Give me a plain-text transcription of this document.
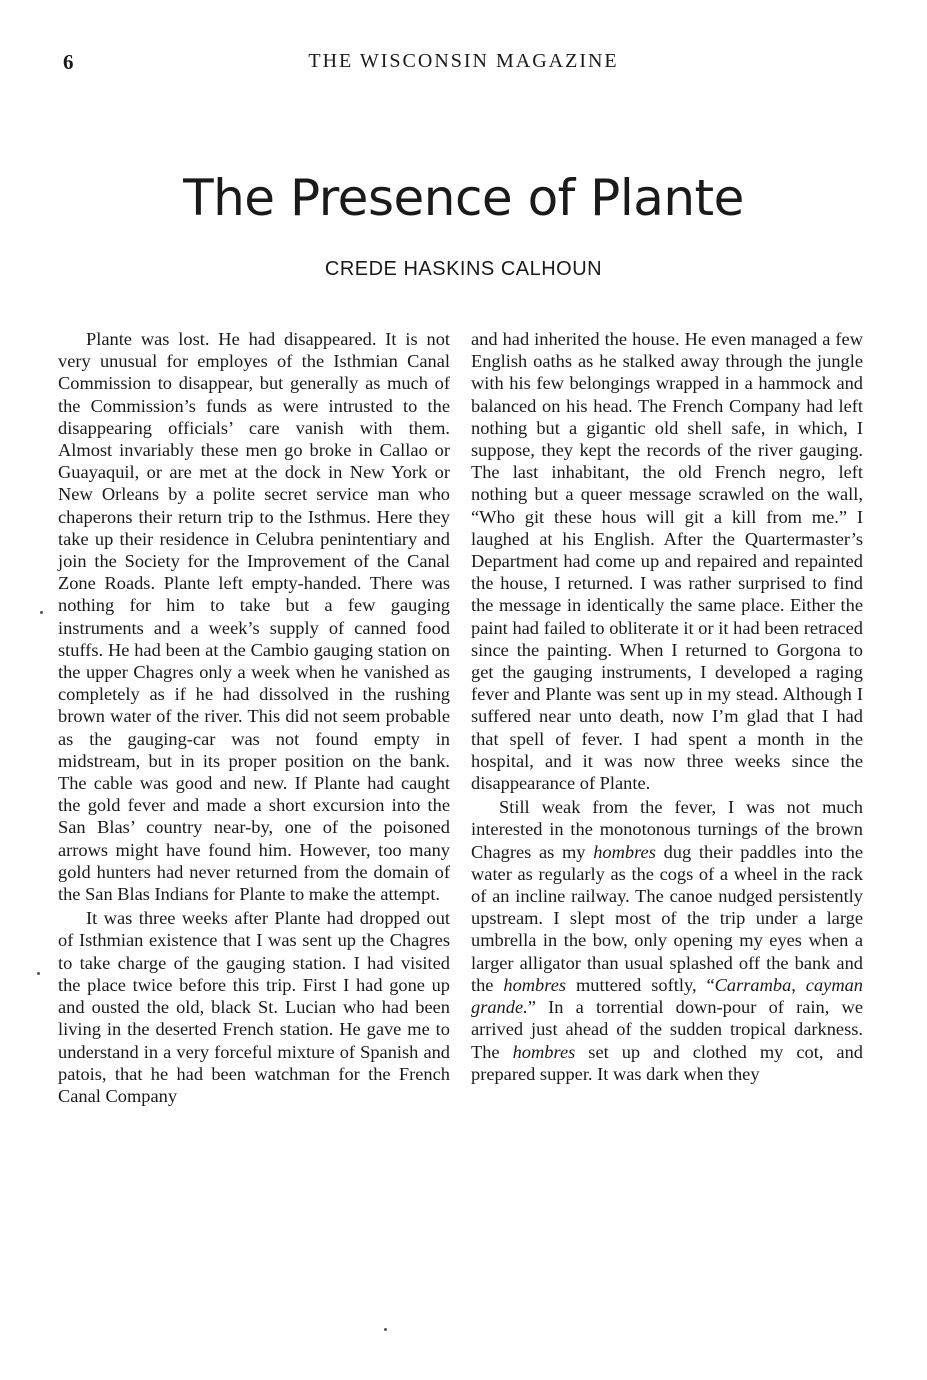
6	THE WISCONSIN MAGAZINE
The Presence of Plante
CREDE HASKINS CALHOUN

Plante was lost. He had disappeared. It is not very unusual for employes of the Isthmian Canal Commission to disappear, but generally as much of the Commission’s funds as were intrusted to the disappearing officials’ care vanish with them. Almost invariably these men go broke in Callao or Guayaquil, or are met at the dock in New York or New Orleans by a polite secret service man who chaperons their return trip to the Isthmus. Here they take up their residence in Celubra penintentiary and join the Society for the Improvement of the Canal Zone Roads. Plante left empty-handed. There was nothing for him to take but a few gauging instruments and a week’s supply of canned food stuffs. He had been at the Cambio gauging station on the upper Chagres only a week when he vanished as completely as if he had dissolved in the rushing brown water of the river. This did not seem probable as the gauging-car was not found empty in midstream, but in its proper position on the bank. The cable was good and new. If Plante had caught the gold fever and made a short excursion into the San Blas’ country near-by, one of the poisoned arrows might have found him. However, too many gold hunters had never returned from the domain of the San Blas Indians for Plante to make the attempt.

It was three weeks after Plante had dropped out of Isthmian existence that I was sent up the Chagres to take charge of the gauging station. I had visited the place twice before this trip. First I had gone up and ousted the old, black St. Lucian who had been living in the deserted French station. He gave me to understand in a very forceful mixture of Spanish and patois, that he had been watchman for the French Canal Company

and had inherited the house. He even managed a few English oaths as he stalked away through the jungle with his few belongings wrapped in a hammock and balanced on his head. The French Company had left nothing but a gigantic old shell safe, in which, I suppose, they kept the records of the river gauging. The last inhabitant, the old French negro, left nothing but a queer message scrawled on the wall, “Who git these hous will git a kill from me.” I laughed at his English. After the Quartermaster’s Department had come up and repaired and repainted the house, I returned. I was rather surprised to find the message in identically the same place. Either the paint had failed to obliterate it or it had been retraced since the painting. When I returned to Gorgona to get the gauging instruments, I developed a raging fever and Plante was sent up in my stead. Although I suffered near unto death, now I’m glad that I had that spell of fever. I had spent a month in the hospital, and it was now three weeks since the disappearance of Plante.

Still weak from the fever, I was not much interested in the monotonous turnings of the brown Chagres as my hombres dug their paddles into the water as regularly as the cogs of a wheel in the rack of an incline railway. The canoe nudged persistently upstream. I slept most of the trip under a large umbrella in the bow, only opening my eyes when a larger alligator than usual splashed off the bank and the hombres muttered softly, “Carramba, cayman grande.” In a torrential down-pour of rain, we arrived just ahead of the sudden tropical darkness. The hombres set up and clothed my cot, and prepared supper. It was dark when they
